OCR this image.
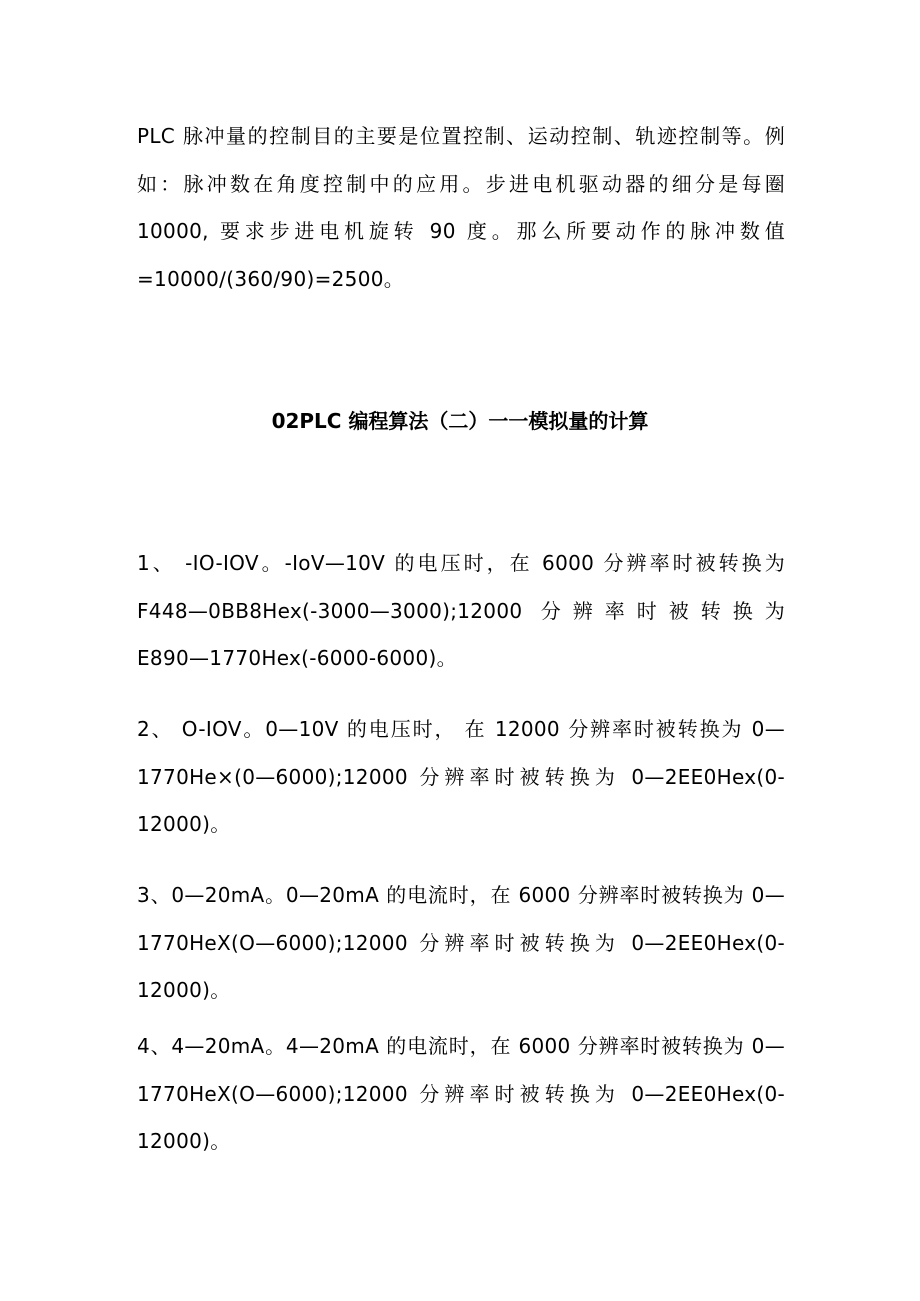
PLC 脉冲量的控制目的主要是位置控制、运动控制、轨迹控制等。例
如：脉冲数在角度控制中的应用。步进电机驱动器的细分是每圈
10000, 要求步进电机旋转 90 度。那么所要动作的脉冲数值
=10000∕(360∕90)=2500。
02PLC 编程算法（二）一一模拟量的计算
1、 -IO-IOV。-IoV—10V 的电压时，在 6000 分辨率时被转换为
F448—0BB8Hex(-3000—3000);12000 分辨率时被转换为
E890—1770Hex(-6000-6000)。
2、 O-IOV。0—10V 的电压时， 在 12000 分辨率时被转换为 0—
1770He×(0—6000);12000 分辨率时被转换为 0—2EE0Hex(0-
12000)。
3、0—20mA。0—20mA 的电流时，在 6000 分辨率时被转换为 0—
1770HeX(O—6000);12000 分辨率时被转换为 0—2EE0Hex(0-
12000)。
4、4—20mA。4—20mA 的电流时，在 6000 分辨率时被转换为 0—
1770HeX(O—6000);12000 分辨率时被转换为 0—2EE0Hex(0-
12000)。
